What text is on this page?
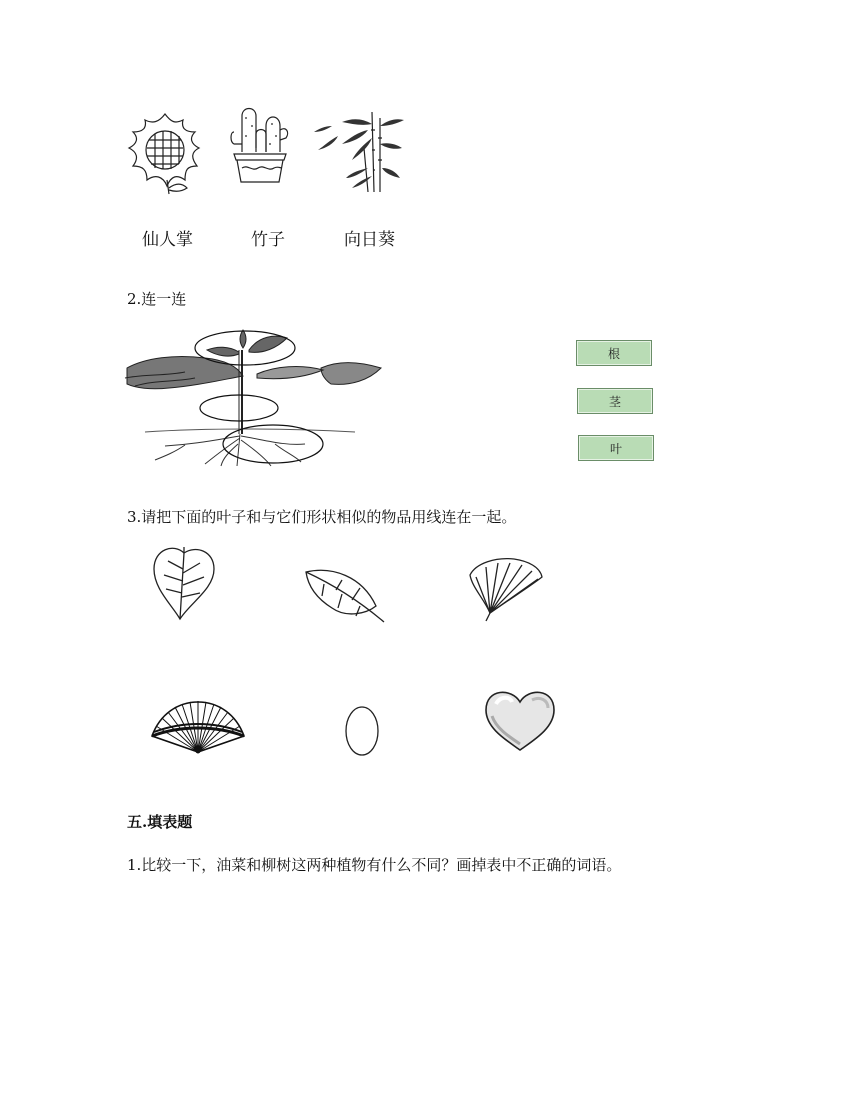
仙人掌	竹子	向日葵
2.连一连
根
茎
叶
3.请把下面的叶子和与它们形状相似的物品用线连在一起。
五.填表题
1.比较一下，油菜和柳树这两种植物有什么不同？画掉表中不正确的词语。
